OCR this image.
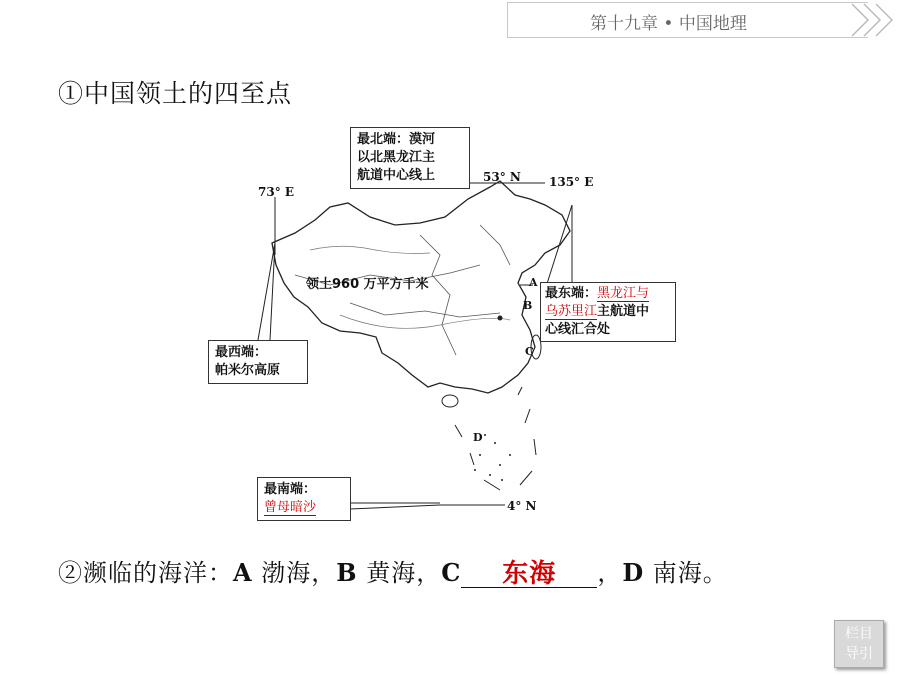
第十九章 • 中国地理
①中国领土的四至点
最北端：漠河
以北黑龙江主
航道中心线上	53° N 135° E
73° E
4° N
领土960 万平方千米	A
B
C
D
最东端：黑龙江与
乌苏里江主航道中
心线汇合处
最西端：
帕米尔高原
最南端：
曾母暗沙
②濒临的海洋：A 渤海，B 黄海，C	东海	，D 南海。
栏目
导引
